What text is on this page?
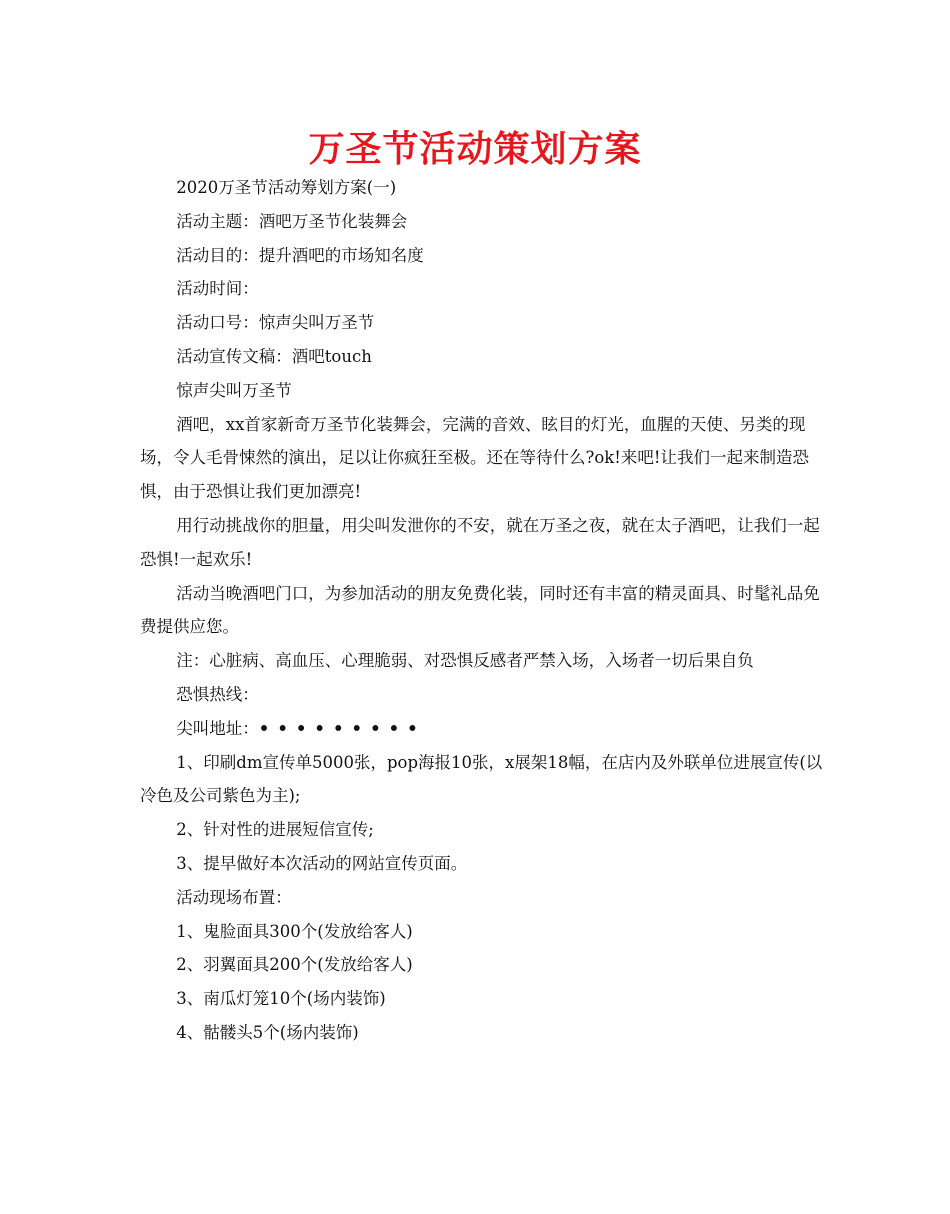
万圣节活动策划方案

2020万圣节活动筹划方案(一)

活动主题：酒吧万圣节化装舞会

活动目的：提升酒吧的市场知名度

活动时间：

活动口号：惊声尖叫万圣节

活动宣传文稿：酒吧touch

惊声尖叫万圣节

酒吧，xx首家新奇万圣节化装舞会，完满的音效、眩目的灯光，血腥的天使、另类的现场，令人毛骨悚然的演出，足以让你疯狂至极。还在等待什么?ok!来吧!让我们一起来制造恐惧，由于恐惧让我们更加漂亮!

用行动挑战你的胆量，用尖叫发泄你的不安，就在万圣之夜，就在太子酒吧，让我们一起恐惧!一起欢乐!

活动当晚酒吧门口，为参加活动的朋友免费化装，同时还有丰富的精灵面具、时髦礼品免费提供应您。

注：心脏病、高血压、心理脆弱、对恐惧反感者严禁入场，入场者一切后果自负

恐惧热线：

尖叫地址：•••••••••

1、印刷dm宣传单5000张，pop海报10张，x展架18幅，在店内及外联单位进展宣传(以冷色及公司紫色为主);

2、针对性的进展短信宣传;

3、提早做好本次活动的网站宣传页面。

活动现场布置：

1、鬼脸面具300个(发放给客人)

2、羽翼面具200个(发放给客人)

3、南瓜灯笼10个(场内装饰)

4、骷髅头5个(场内装饰)
